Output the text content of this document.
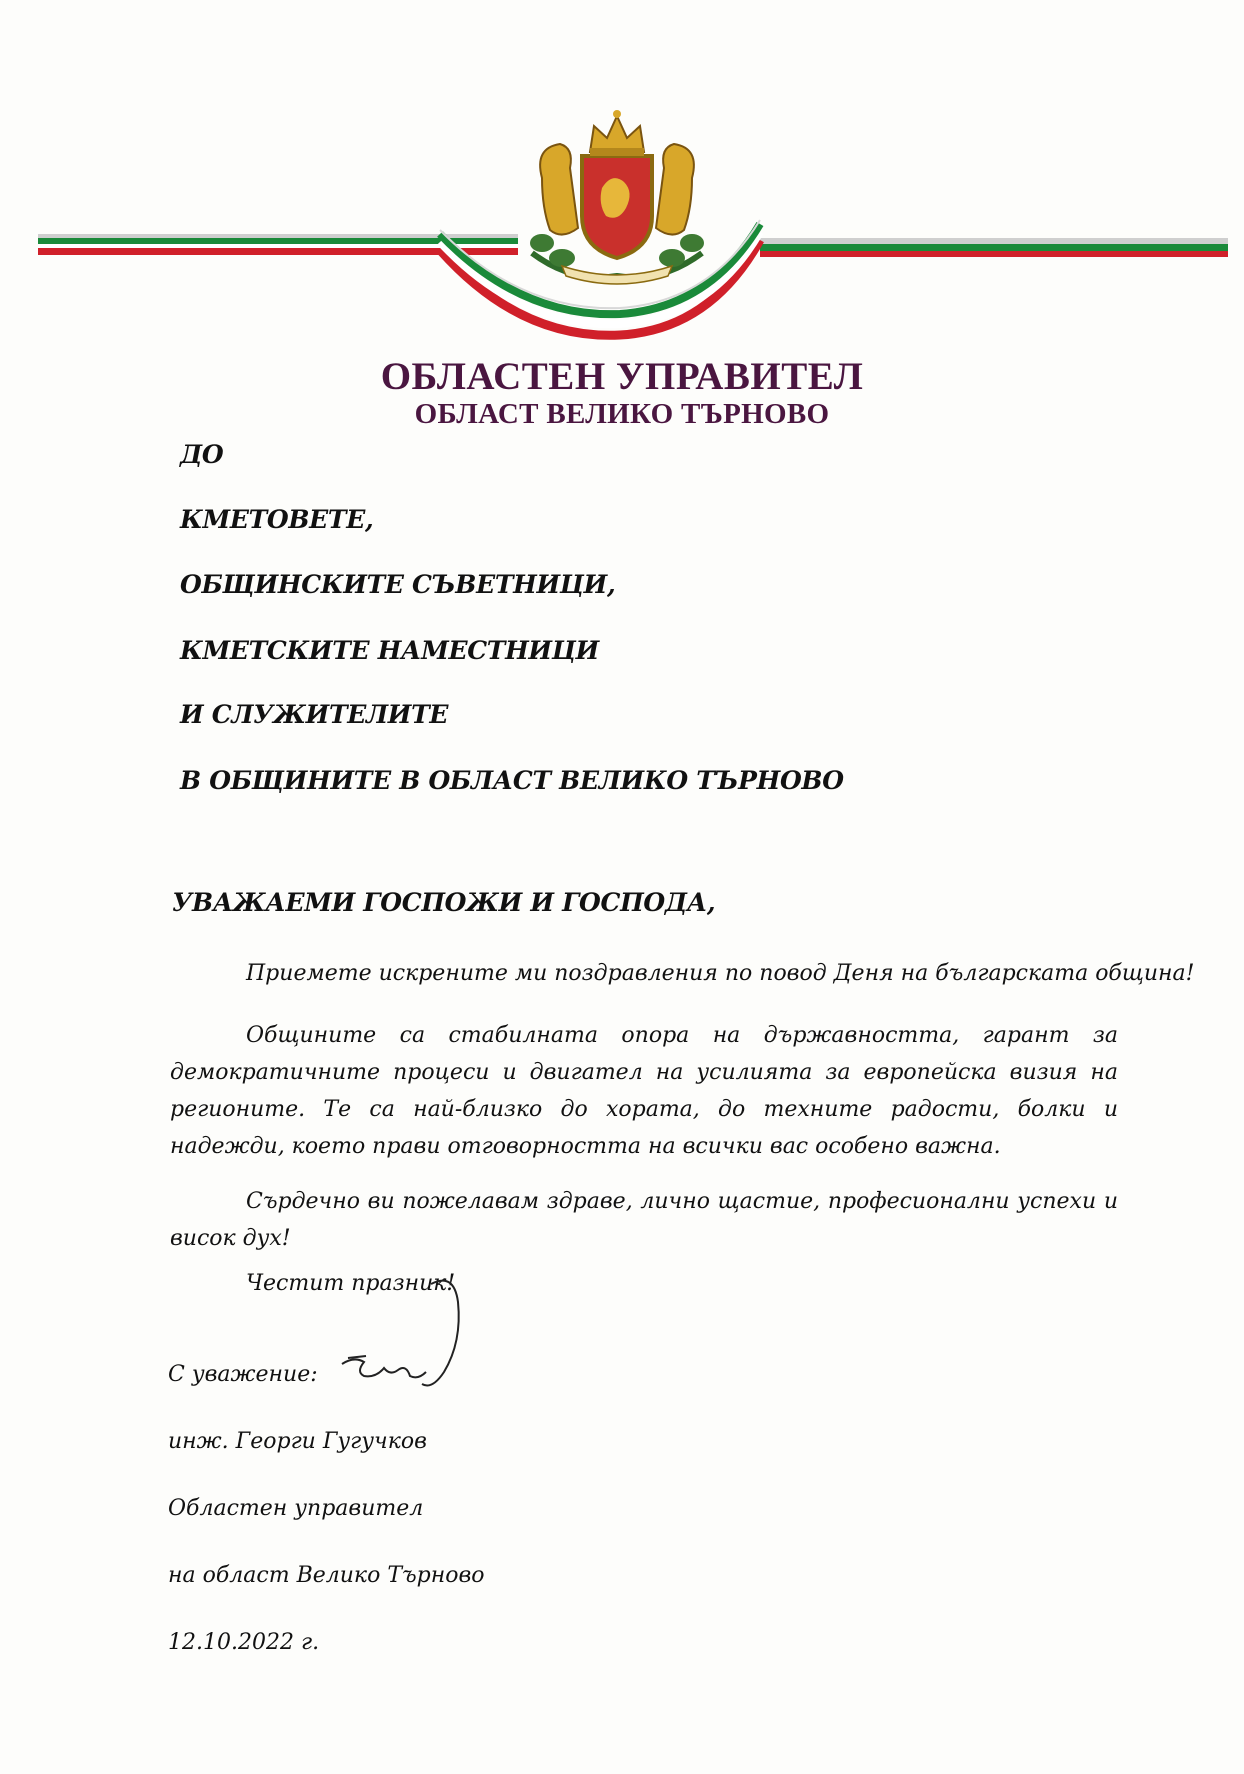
ОБЛАСТЕН УПРАВИТЕЛ
ОБЛАСТ ВЕЛИКО ТЪРНОВО

ДО

КМЕТОВЕТЕ,

ОБЩИНСКИТЕ СЪВЕТНИЦИ,

КМЕТСКИТЕ НАМЕСТНИЦИ

И СЛУЖИТЕЛИТЕ

В ОБЩИНИТЕ В ОБЛАСТ ВЕЛИКО ТЪРНОВО

УВАЖАЕМИ ГОСПОЖИ И ГОСПОДА,

Приемете искрените ми поздравления по повод Деня на българската община!

Общините са стабилната опора на държавността, гарант за демократичните процеси и двигател на усилията за европейска визия на регионите. Те са най-близко до хората, до техните радости, болки и надежди, което прави отговорността на всички вас особено важна.

Сърдечно ви пожелавам здраве, лично щастие, професионални успехи и висок дух!

Честит празник!

С уважение:

инж. Георги Гугучков

Областен управител

на област Велико Търново

12.10.2022 г.
